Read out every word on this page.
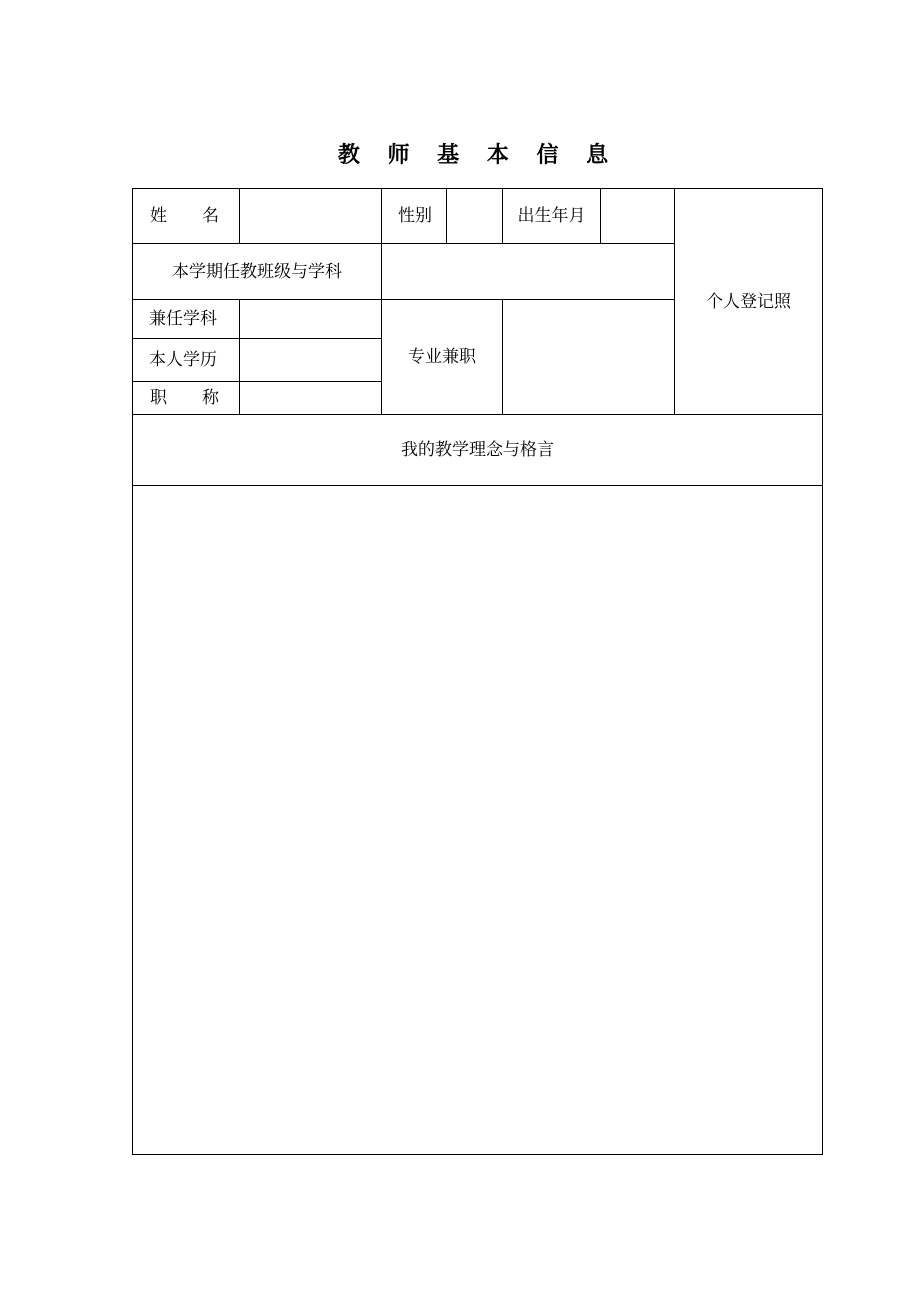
教 师 基 本 信 息
姓 名	性别	出生年月
个人登记照
本学期任教班级与学科
兼任学科
本人学历
职 称
专业兼职
我的教学理念与格言
